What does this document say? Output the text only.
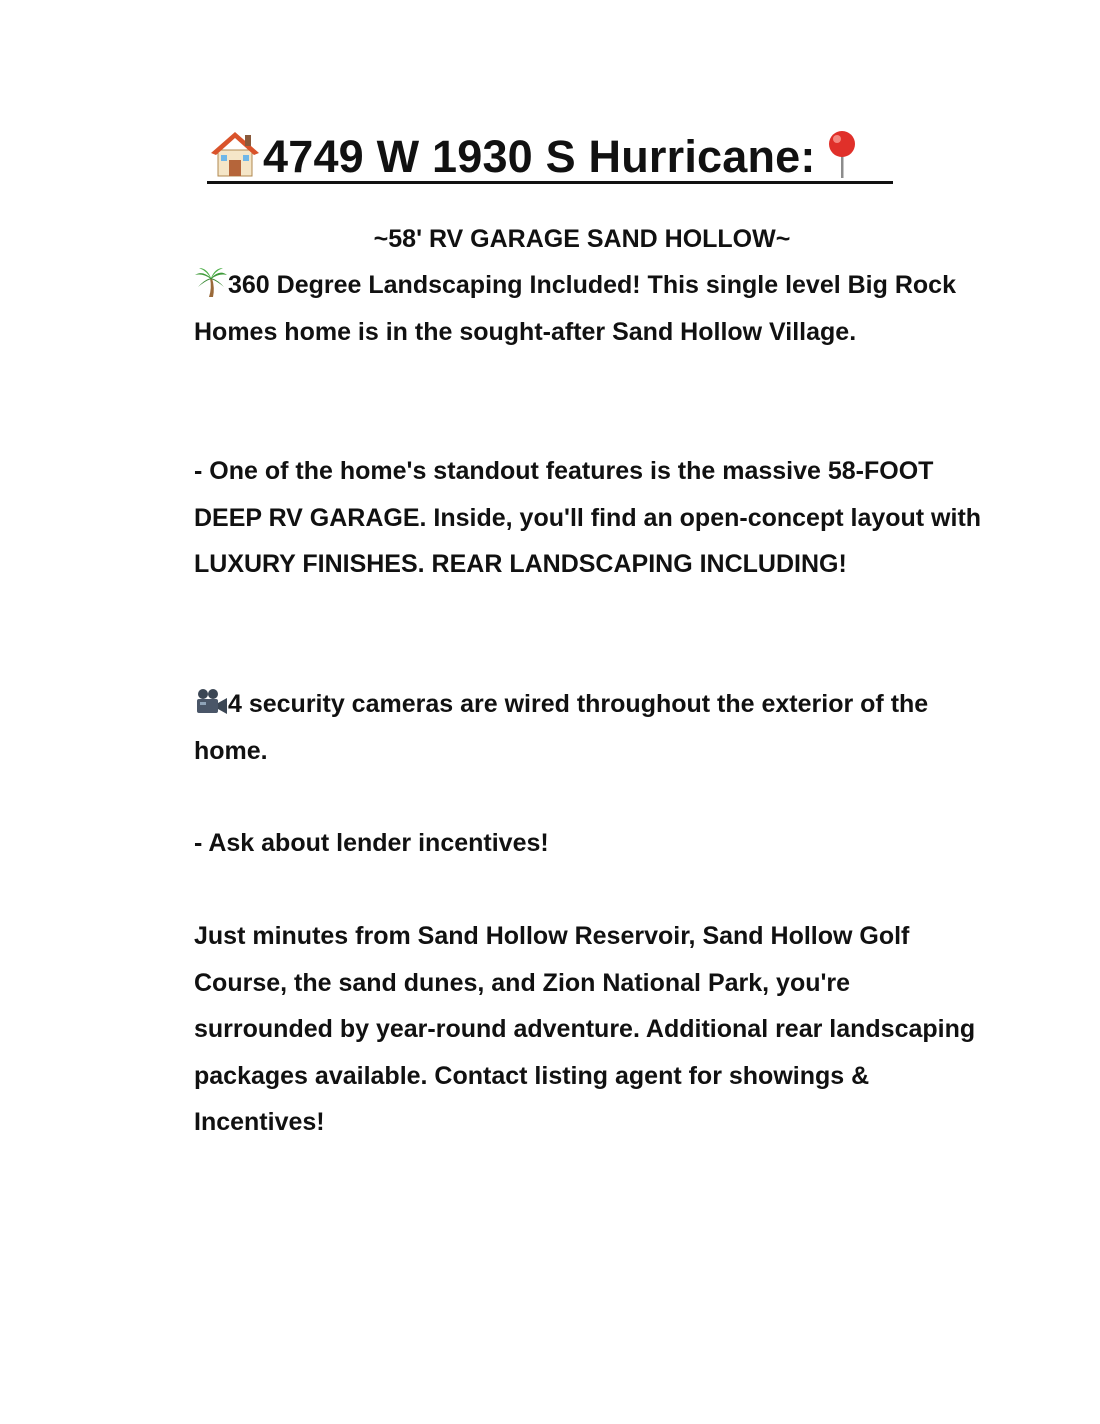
4749 W 1930 S Hurricane:

~58' RV GARAGE SAND HOLLOW~

360 Degree Landscaping Included! This single level Big Rock Homes home is in the sought-after Sand Hollow Village.

- One of the home's standout features is the massive 58-FOOT DEEP RV GARAGE. Inside, you'll find an open-concept layout with LUXURY FINISHES. REAR LANDSCAPING INCLUDING!

4 security cameras are wired throughout the exterior of the home.

- Ask about lender incentives!

Just minutes from Sand Hollow Reservoir, Sand Hollow Golf Course, the sand dunes, and Zion National Park, you're surrounded by year-round adventure. Additional rear landscaping packages available. Contact listing agent for showings & Incentives!
